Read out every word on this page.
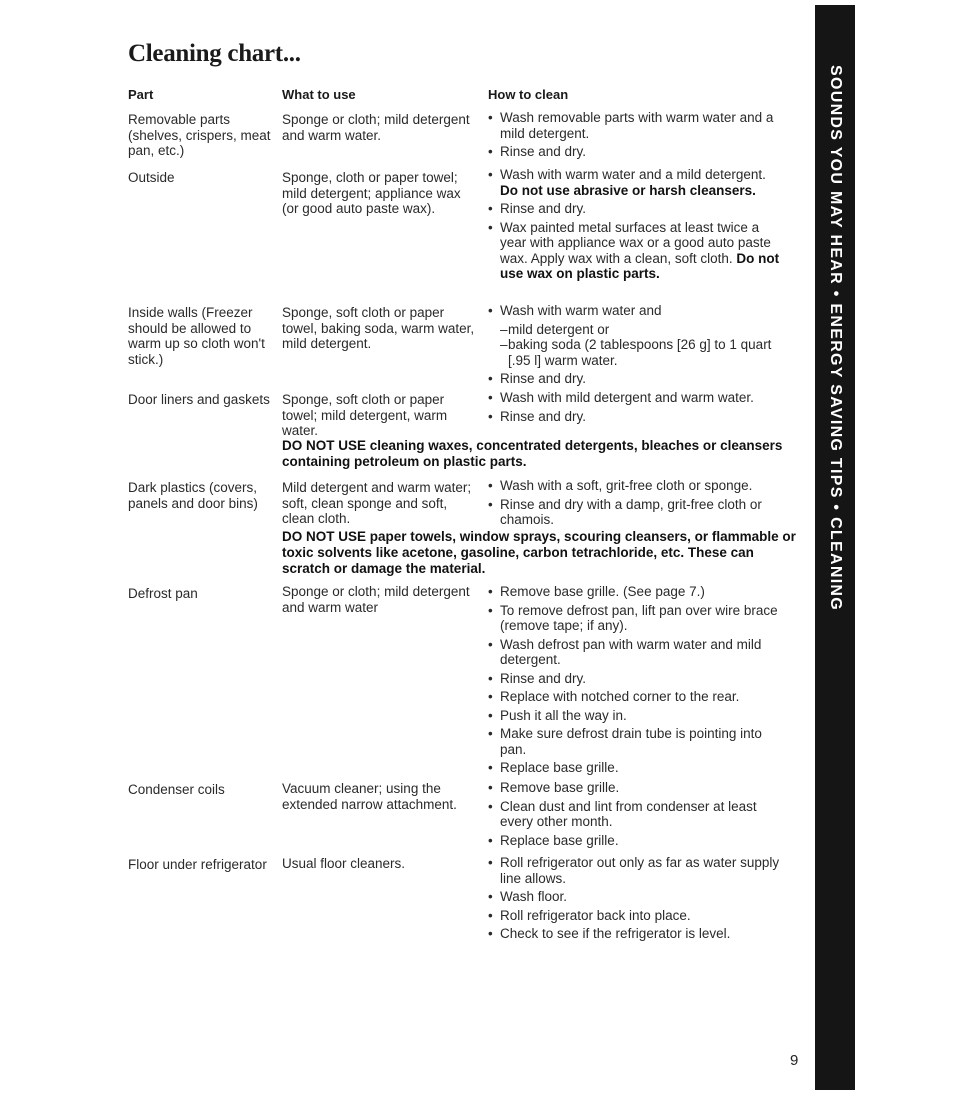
Cleaning chart...
Part	What to use	How to clean
Removable parts (shelves, crispers, meat pan, etc.)
Sponge or cloth; mild detergent and warm water.
• Wash removable parts with warm water and a mild detergent.
• Rinse and dry.
Outside	Sponge, cloth or paper towel; mild detergent; appliance wax (or good auto paste wax).
• Wash with warm water and a mild detergent. Do not use abrasive or harsh cleansers.
• Rinse and dry.
• Wax painted metal surfaces at least twice a year with appliance wax or a good auto paste wax. Apply wax with a clean, soft cloth. Do not use wax on plastic parts.
Inside walls (Freezer should be allowed to warm up so cloth won't stick.)
Sponge, soft cloth or paper towel, baking soda, warm water, mild detergent.
• Wash with warm water and
– mild detergent or
– baking soda (2 tablespoons [26 g] to 1 quart [.95 l] warm water.
• Rinse and dry.
Door liners and gaskets Sponge, soft cloth or paper towel; mild detergent, warm water.
• Wash with mild detergent and warm water.
• Rinse and dry.
DO NOT USE cleaning waxes, concentrated detergents, bleaches or cleansers containing petroleum on plastic parts.
Dark plastics (covers, panels and door bins)
Mild detergent and warm water; soft, clean sponge and soft, clean cloth.
• Wash with a soft, grit-free cloth or sponge.
• Rinse and dry with a damp, grit-free cloth or chamois.
DO NOT USE paper towels, window sprays, scouring cleansers, or flammable or toxic solvents like acetone, gasoline, carbon tetrachloride, etc. These can scratch or damage the material.
Defrost pan	Sponge or cloth; mild detergent and warm water
• Remove base grille. (See page 7.)
• To remove defrost pan, lift pan over wire brace (remove tape; if any).
• Wash defrost pan with warm water and mild detergent.
• Rinse and dry.
• Replace with notched corner to the rear.
• Push it all the way in.
• Make sure defrost drain tube is pointing into pan.
• Replace base grille.
Condenser coils	Vacuum cleaner; using the extended narrow attachment.
• Remove base grille.
• Clean dust and lint from condenser at least every other month.
• Replace base grille.
Floor under refrigerator	Usual floor cleaners.
•	Roll refrigerator out only as far as water supply line allows.
• Wash floor.
• Roll refrigerator back into place.
• Check to see if the refrigerator is level.
SOUNDS YOU MAY HEAR • ENERGY SAVING TIPS • CLEANING
9
